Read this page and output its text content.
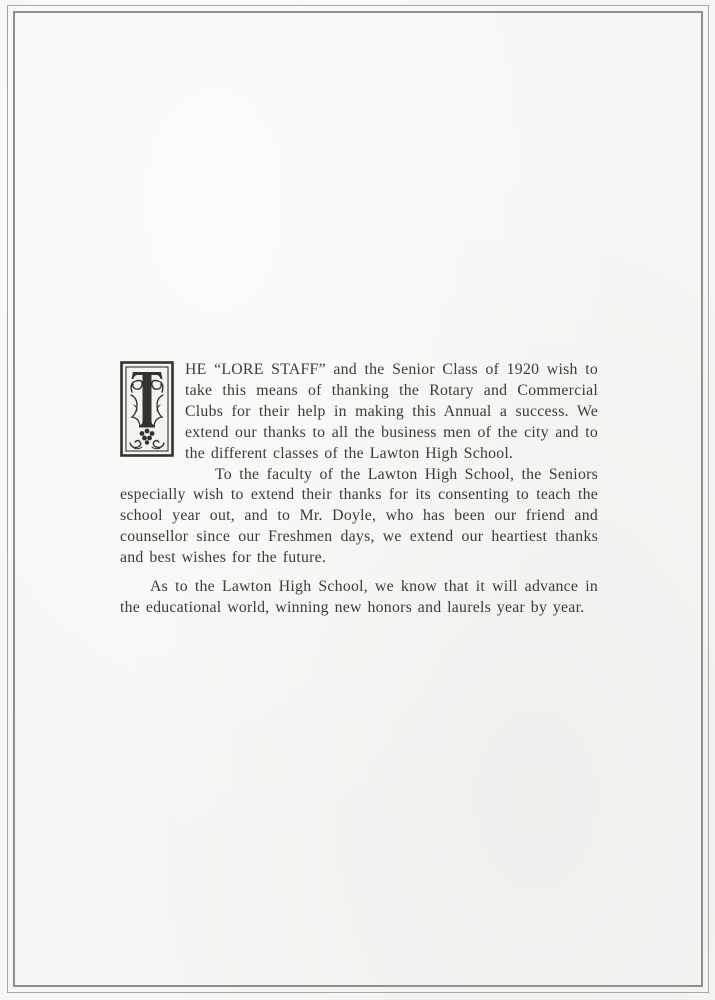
HE “LORE STAFF” and the Senior Class of 1920 wish to take this means of thanking the Rotary and Commercial Clubs for their help in making this Annual a success. We extend our thanks to all the business men of the city and to the different classes of the Lawton High School.

To the faculty of the Lawton High School, the Seniors especially wish to extend their thanks for its consenting to teach the school year out, and to Mr. Doyle, who has been our friend and counsellor since our Freshmen days, we extend our heartiest thanks and best wishes for the future.

As to the Lawton High School, we know that it will advance in the educational world, winning new honors and laurels year by year.
